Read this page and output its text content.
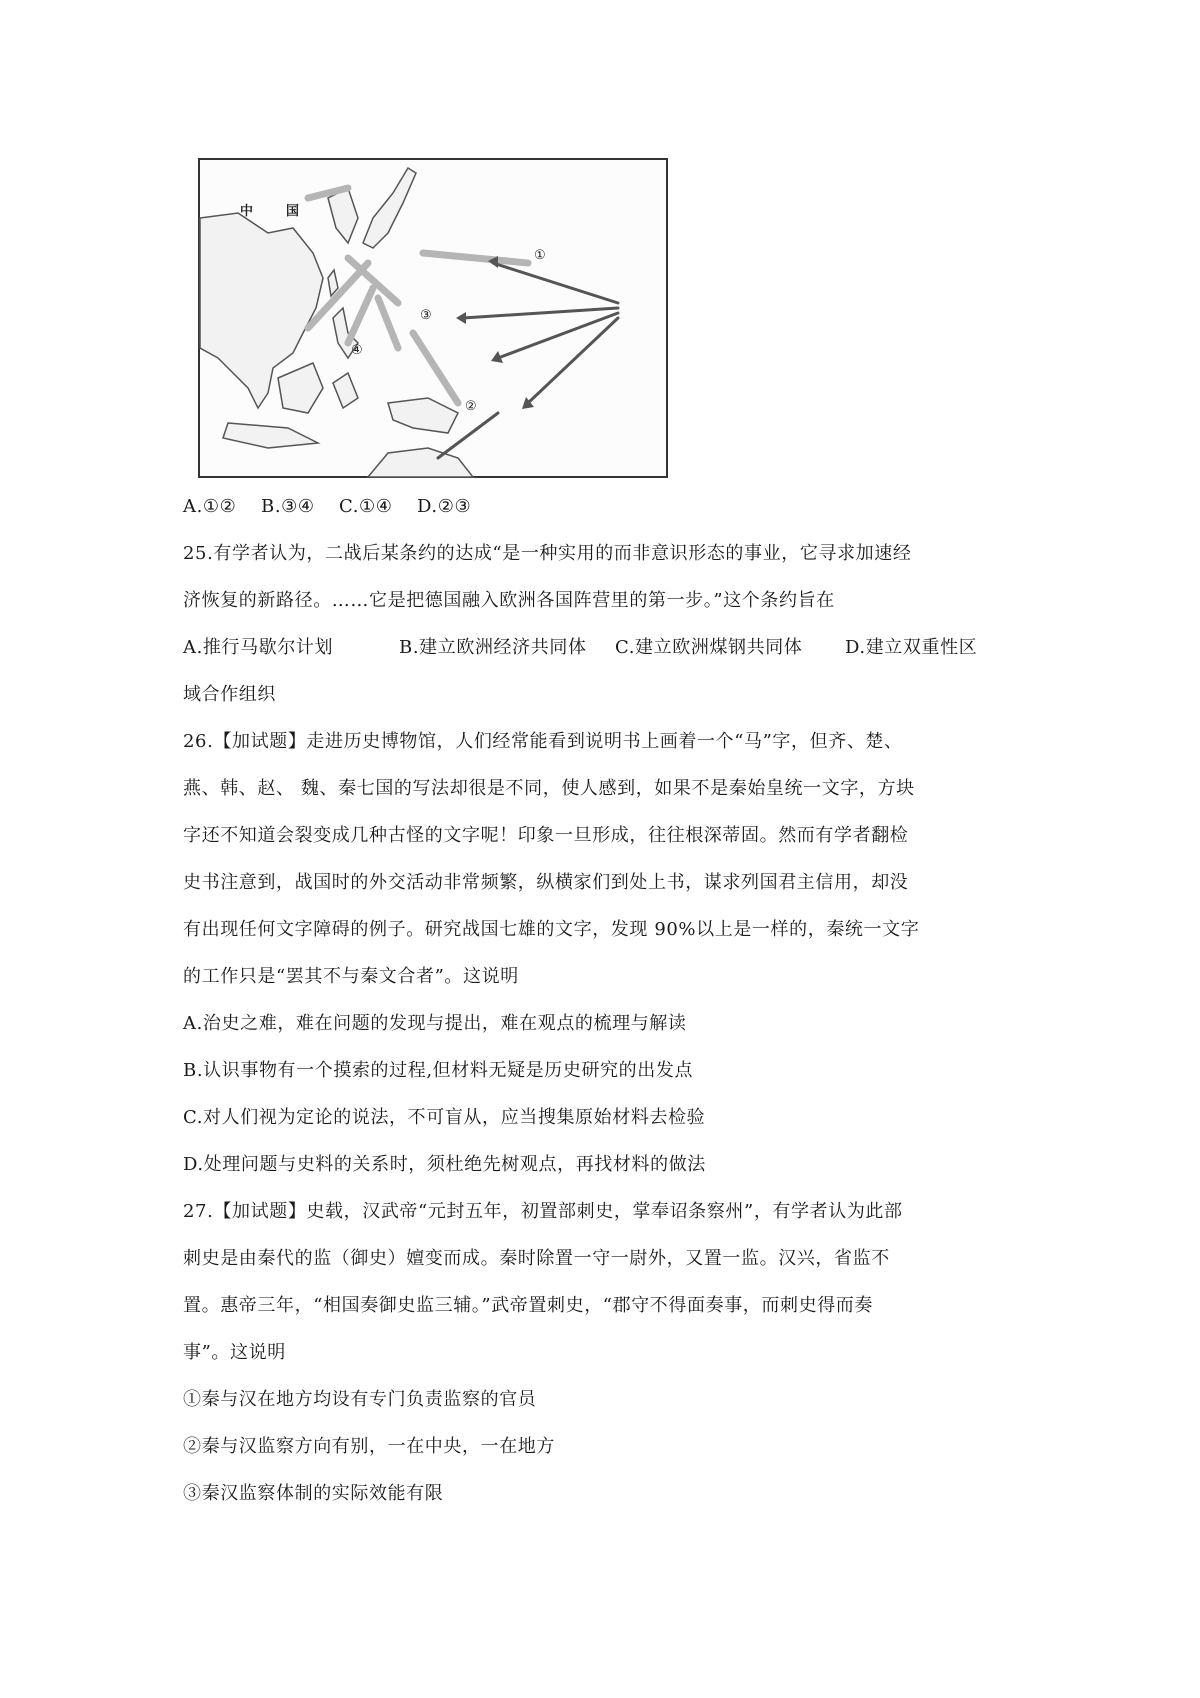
①
②
③
④
中	国
A.①②	B.③④	C.①④	D.②③
25.有学者认为，二战后某条约的达成“是一种实用的而非意识形态的事业，它寻求加速经
济恢复的新路径。……它是把德国融入欧洲各国阵营里的第一步。”这个条约旨在
A.推行马歇尔计划	B.建立欧洲经济共同体	C.建立欧洲煤钢共同体	D.建立双重性区
域合作组织
26.【加试题】走进历史博物馆，人们经常能看到说明书上画着一个“马”字，但齐、楚、
燕、韩、赵、 魏、秦七国的写法却很是不同，使人感到，如果不是秦始皇统一文字，方块
字还不知道会裂变成几种古怪的文字呢！印象一旦形成，往往根深蒂固。然而有学者翻检
史书注意到，战国时的外交活动非常频繁，纵横家们到处上书，谋求列国君主信用，却没
有出现任何文字障碍的例子。研究战国七雄的文字，发现 90%以上是一样的，秦统一文字
的工作只是“罢其不与秦文合者”。这说明
A.治史之难，难在问题的发现与提出，难在观点的梳理与解读
B.认识事物有一个摸索的过程,但材料无疑是历史研究的出发点
C.对人们视为定论的说法，不可盲从，应当搜集原始材料去检验
D.处理问题与史料的关系时，须杜绝先树观点，再找材料的做法
27.【加试题】史载，汉武帝“元封五年，初置部刺史，掌奉诏条察州”，有学者认为此部
刺史是由秦代的监（御史）嬗变而成。秦时除置一守一尉外，又置一监。汉兴，省监不
置。惠帝三年，“相国奏御史监三辅。”武帝置刺史，“郡守不得面奏事，而刺史得而奏
事”。这说明
①秦与汉在地方均设有专门负责监察的官员
②秦与汉监察方向有别，一在中央，一在地方
③秦汉监察体制的实际效能有限
